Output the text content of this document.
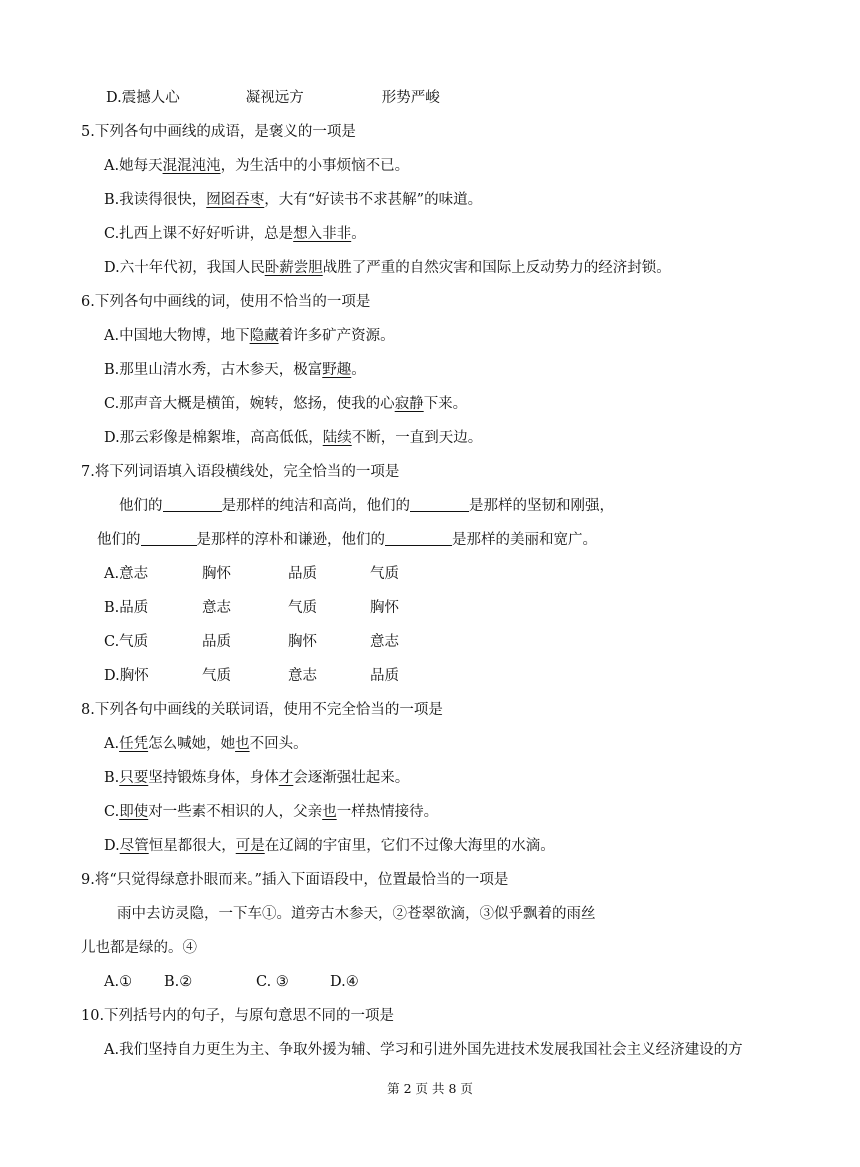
D.震撼人心	凝视远方	形势严峻
5.下列各句中画线的成语，是褒义的一项是
A.她每天混混沌沌，为生活中的小事烦恼不已。
B.我读得很快，囫囵吞枣，大有“好读书不求甚解”的味道。
C.扎西上课不好好听讲，总是想入非非。
D.六十年代初，我国人民卧薪尝胆战胜了严重的自然灾害和国际上反动势力的经济封锁。
6.下列各句中画线的词，使用不恰当的一项是
A.中国地大物博，地下隐藏着许多矿产资源。
B.那里山清水秀，古木参天，极富野趣。
C.那声音大概是横笛，婉转，悠扬，使我的心寂静下来。
D.那云彩像是棉絮堆，高高低低，陆续不断，一直到天边。
7.将下列词语填入语段横线处，完全恰当的一项是
他们的	是那样的纯洁和高尚，他们的	是那样的坚韧和刚强，
他们的	是那样的淳朴和谦逊，他们的	是那样的美丽和宽广。
A.意志	胸怀	品质	气质
B.品质	意志	气质	胸怀
C.气质	品质	胸怀	意志
D.胸怀	气质	意志	品质
8.下列各句中画线的关联词语，使用不完全恰当的一项是
A.任凭怎么喊她，她也不回头。
B.只要坚持锻炼身体，身体才会逐渐强壮起来。
C.即使对一些素不相识的人，父亲也一样热情接待。
D.尽管恒星都很大，可是在辽阔的宇宙里，它们不过像大海里的水滴。
9.将“只觉得绿意扑眼而来。”插入下面语段中，位置最恰当的一项是
雨中去访灵隐，一下车①。道旁古木参天，②苍翠欲滴，③似乎飘着的雨丝
儿也都是绿的。④
A.① B.②	C. ③	D.④
10.下列括号内的句子，与原句意思不同的一项是
A.我们坚持自力更生为主、争取外援为辅、学习和引进外国先进技术发展我国社会主义经济建设的方
第 2 页 共 8 页
